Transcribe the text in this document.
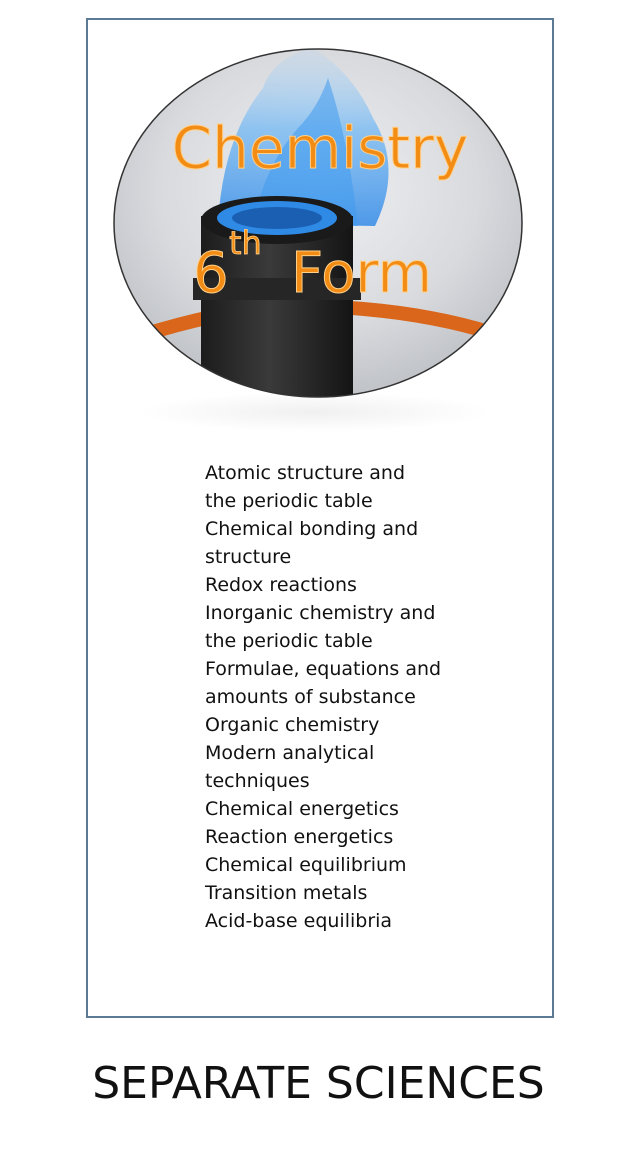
Chemistry
6 th Form
Atomic structure and
the periodic table
Chemical bonding and
structure
Redox reactions
Inorganic chemistry and
the periodic table
Formulae, equations and
amounts of substance
Organic chemistry
Modern analytical
techniques
Chemical energetics
Reaction energetics
Chemical equilibrium
Transition metals
Acid-base equilibria
SEPARATE SCIENCES
